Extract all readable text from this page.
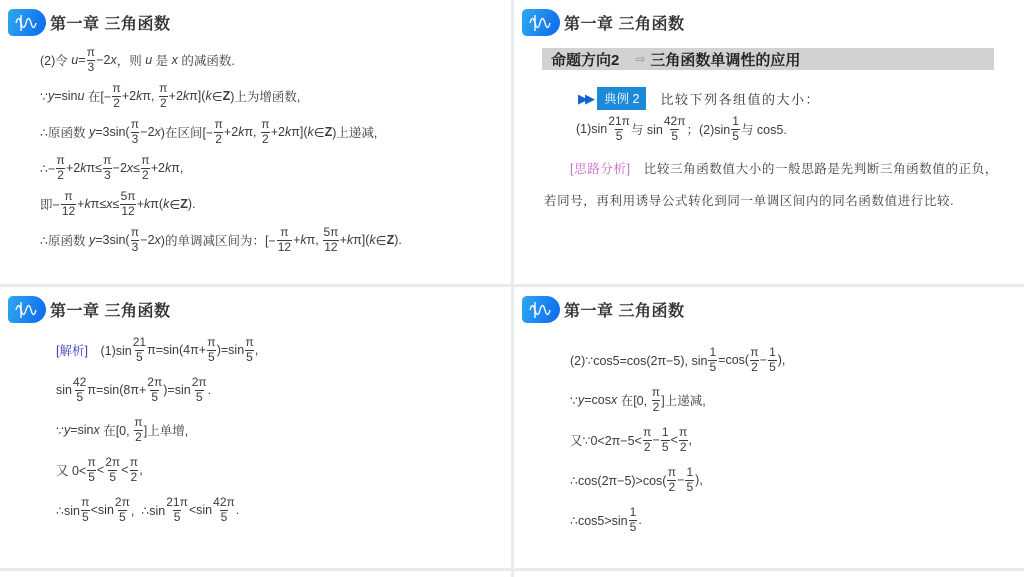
第一章 三角函数
(2)令 $u = \frac{\pi}{3} -2$ x ，则 u 是 x 的减函数.
∵ y =sin u 在[− $\frac{\pi}{2} +2$ k π, $\frac{\pi}{2} +2$ k π]( k ∈ Z )上为增函数,
∴原函数 $y =3\sin( \frac{\pi}{3} -2$ x )在区间[− $\frac{\pi}{2} +2$ k π, $\frac{\pi}{2} +2$ k π]( k ∈ Z )上递减,
∴− $\frac{\pi}{2} +2$ k $\pi\le \frac{\pi}{3} -2$ $x \le \frac{\pi}{2} +2$ k π,
即− $\frac{\pi}{12} + k$ $\pi\le x \le \frac{5\pi}{12} + k$ π( k ∈ Z ).
∴原函数 $y =3\sin( \frac{\pi}{3} -2$ x )的单调减区间为：[− $\frac{\pi}{12} + k$ π, $\frac{5\pi}{12} + k$ π]( k ∈ Z ).
第一章 三角函数
命题方向2 ⇨ 三角函数单调性的应用
▶▶ 典例 2	比较下列各组值的大小：
$(1)\sin \frac{21\pi}{5}$ 与 $\sin \frac{42\pi}{5}$ ；$(2)\sin \frac{1}{5}$ 与 cos5.

[思路分析]　比较三角函数值大小的一般思路是先判断三角函数值的正负，若同号，再利用诱导公式转化到同一单调区间内的同名函数值进行比较.

第一章 三角函数
[解析] 　$(1)\sin \frac{21}{5} \pi=\sin(4\pi+ \frac{\pi}{5} )=\sin \frac{\pi}{5}$ ,
$\sin \frac{42}{5} \pi=\sin(8\pi+ \frac{2\pi}{5} )=\sin \frac{2\pi}{5}$ .
∵ y =sin x 在[0, $\frac{\pi}{2}$ ]上单增,
又 $0< \frac{\pi}{5} < \frac{2\pi}{5} < \frac{\pi}{2}$ ,
∴sin $\frac{\pi}{5} <\sin \frac{2\pi}{5}$ ,  ∴sin $\frac{21\pi}{5} <\sin \frac{42\pi}{5}$ .
第一章 三角函数
(2)∵cos5=cos(2π−5), $\sin \frac{1}{5} =\cos( \frac{\pi}{2} - \frac{1}{5}$ ),
∵ y =cos x 在[0, $\frac{\pi}{2}$ ]上递减,
又∵0<2π−5< $\frac{\pi}{2} - \frac{1}{5} < \frac{\pi}{2}$ ,
∴cos(2π−5)>cos( $\frac{\pi}{2} - \frac{1}{5}$ ),
∴cos5>sin $\frac{1}{5}$ .
